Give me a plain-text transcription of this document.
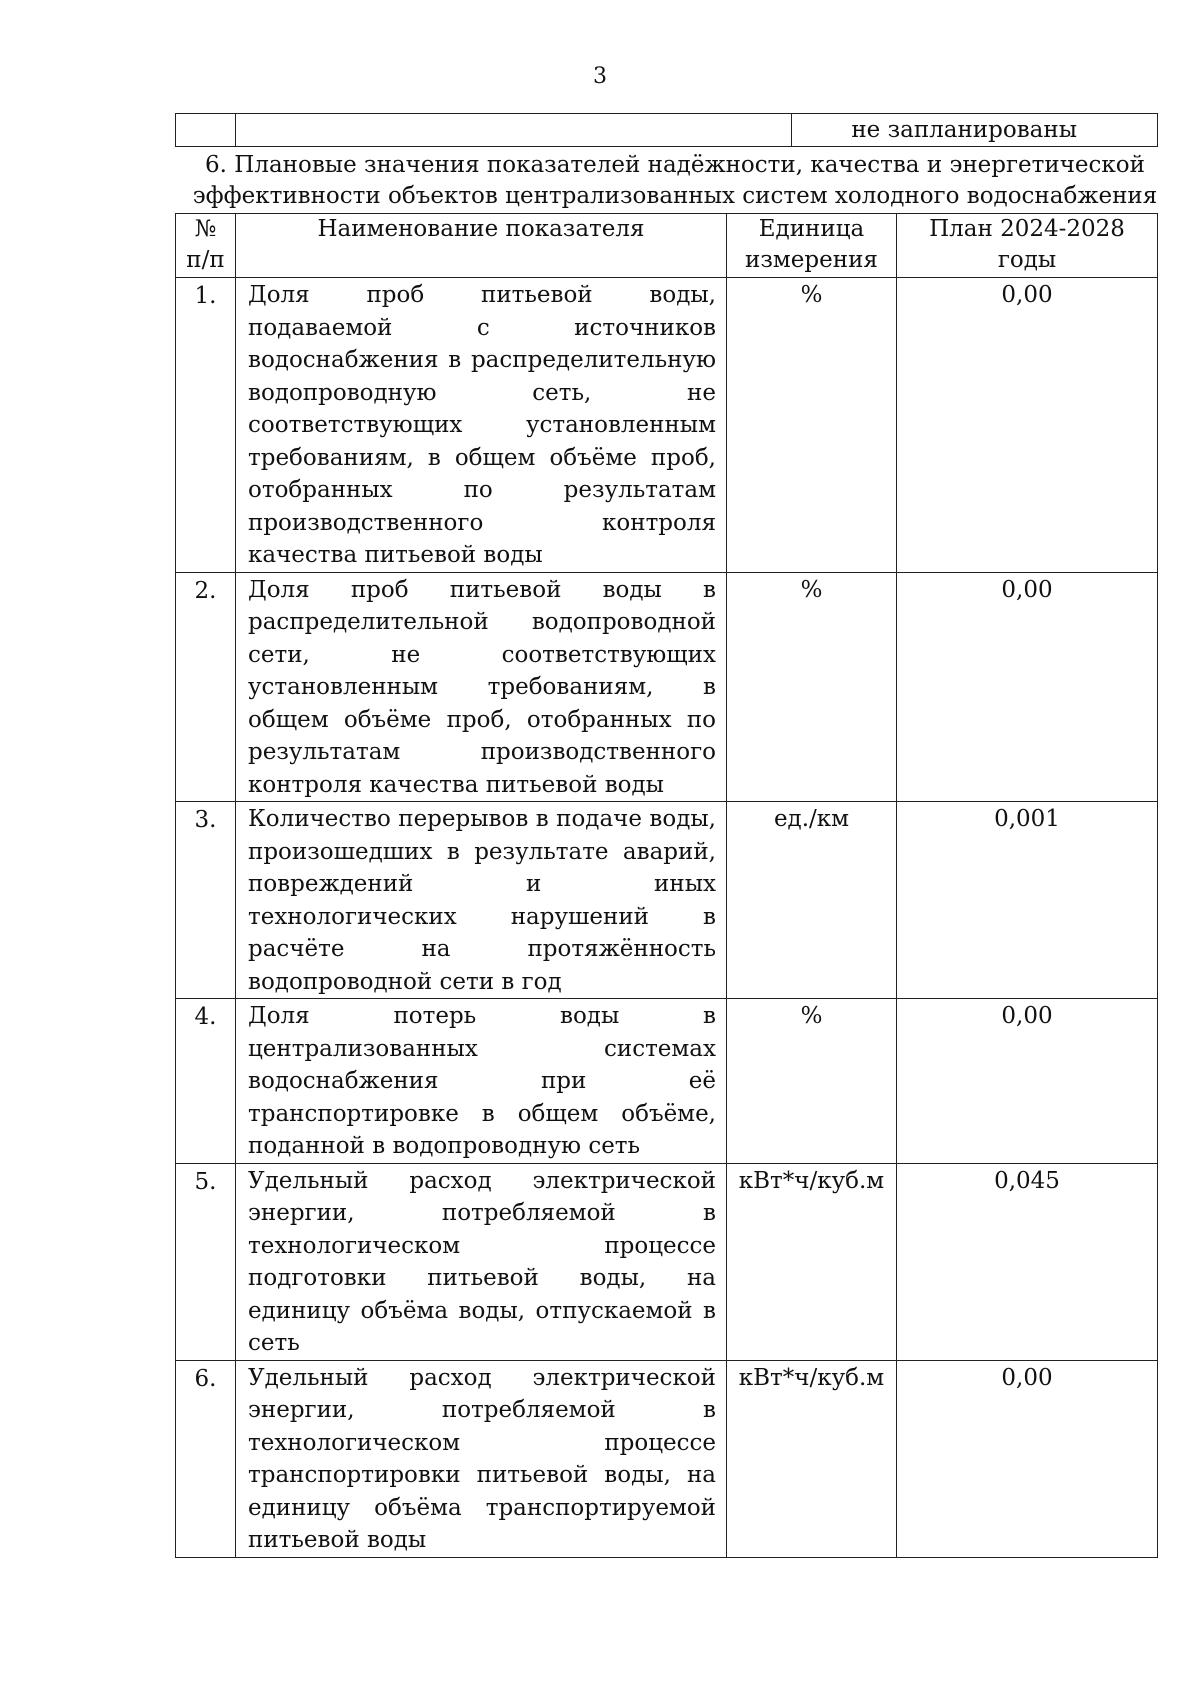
3
		не запланированы
6. Плановые значения показателей надёжности, качества и энергетической эффективности объектов централизованных систем холодного водоснабжения
№ п/п	Наименование показателя	Единица измерения	План 2024-2028 годы
1.	Доля проб питьевой воды, подаваемой с источников водоснабжения в распределительную водопроводную сеть, не соответствующих установленным требованиям, в общем объёме проб, отобранных по результатам производственного контроля качества питьевой воды	%	0,00
2.	Доля проб питьевой воды в распределительной водопроводной сети, не соответствующих установленным требованиям, в общем объёме проб, отобранных по результатам производственного контроля качества питьевой воды	%	0,00
3.	Количество перерывов в подаче воды, произошедших в результате аварий, повреждений и иных технологических нарушений в расчёте на протяжённость водопроводной сети в год	ед./км	0,001
4.	Доля потерь воды в централизованных системах водоснабжения при её транспортировке в общем объёме, поданной в водопроводную сеть	%	0,00
5.	Удельный расход электрической энергии, потребляемой в технологическом процессе подготовки питьевой воды, на единицу объёма воды, отпускаемой в сеть	кВт*ч/куб.м	0,045
6.	Удельный расход электрической энергии, потребляемой в технологическом процессе транспортировки питьевой воды, на единицу объёма транспортируемой питьевой воды	кВт*ч/куб.м	0,00
